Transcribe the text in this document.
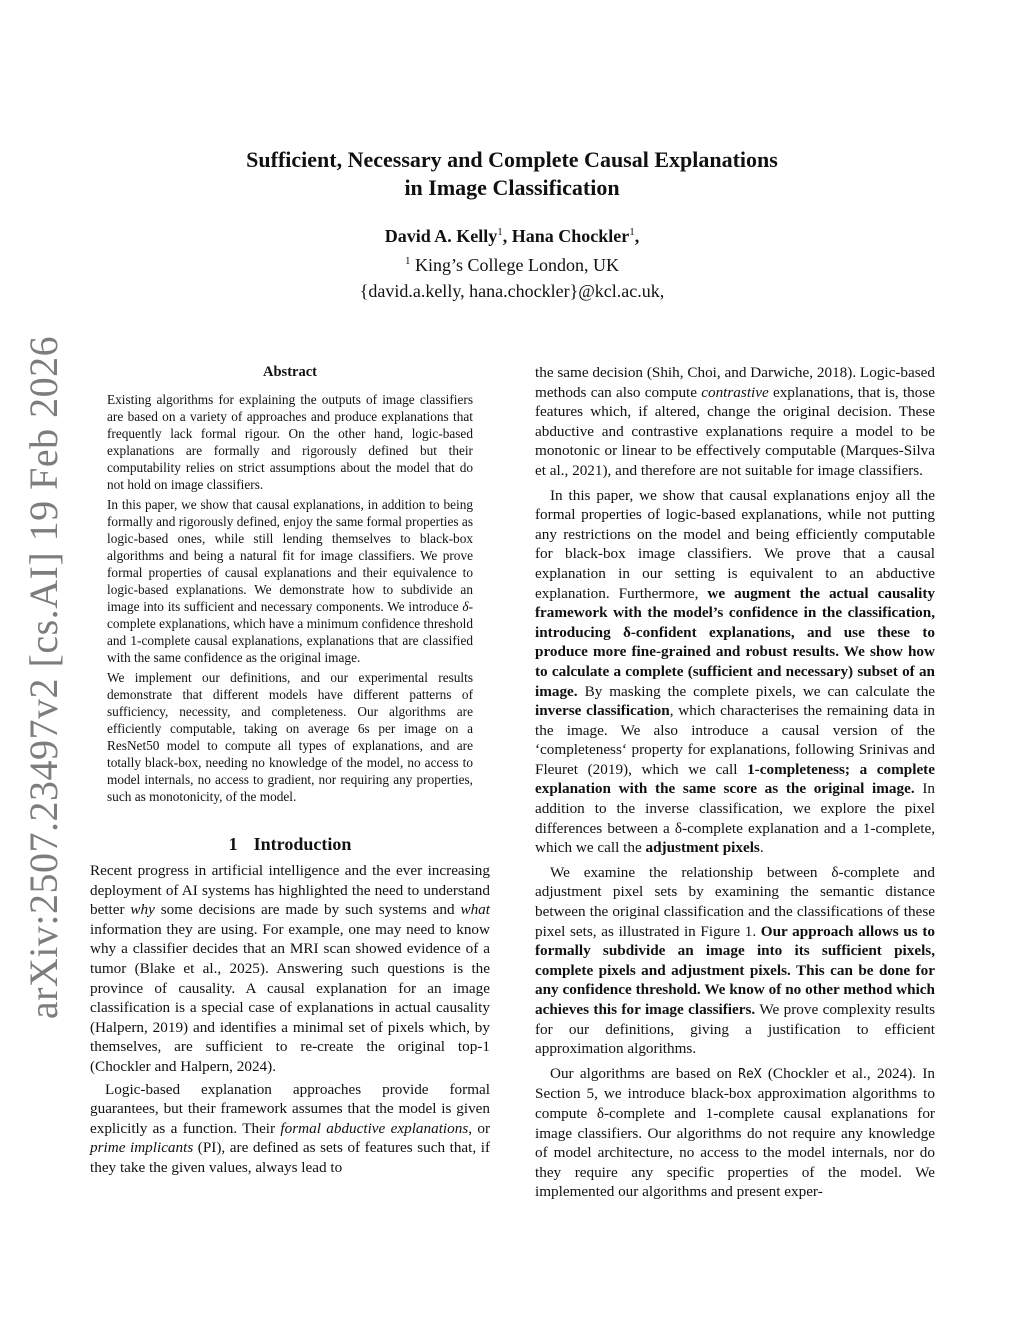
arXiv:2507.23497v2 [cs.AI] 19 Feb 2026
Sufficient, Necessary and Complete Causal Explanations
in Image Classification
David A. Kelly$^1$, Hana Chockler$^1$,
$^1$ King’s College London, UK
{david.a.kelly, hana.chockler}@kcl.ac.uk,
Abstract

Existing algorithms for explaining the outputs of image classifiers are based on a variety of approaches and produce explanations that frequently lack formal rigour. On the other hand, logic-based explanations are formally and rigorously defined but their computability relies on strict assumptions about the model that do not hold on image classifiers.

In this paper, we show that causal explanations, in addition to being formally and rigorously defined, enjoy the same formal properties as logic-based ones, while still lending themselves to black-box algorithms and being a natural fit for image classifiers. We prove formal properties of causal explanations and their equivalence to logic-based explanations. We demonstrate how to subdivide an image into its sufficient and necessary components. We introduce δ-complete explanations, which have a minimum confidence threshold and 1-complete causal explanations, explanations that are classified with the same confidence as the original image.

We implement our definitions, and our experimental results demonstrate that different models have different patterns of sufficiency, necessity, and completeness. Our algorithms are efficiently computable, taking on average 6s per image on a ResNet50 model to compute all types of explanations, and are totally black-box, needing no knowledge of the model, no access to model internals, no access to gradient, nor requiring any properties, such as monotonicity, of the model.

1 Introduction

Recent progress in artificial intelligence and the ever increasing deployment of AI systems has highlighted the need to understand better why some decisions are made by such systems and what information they are using. For example, one may need to know why a classifier decides that an MRI scan showed evidence of a tumor (Blake et al., 2025). Answering such questions is the province of causality. A causal explanation for an image classification is a special case of explanations in actual causality (Halpern, 2019) and identifies a minimal set of pixels which, by themselves, are sufficient to re-create the original top-1 (Chockler and Halpern, 2024).

Logic-based explanation approaches provide formal guarantees, but their framework assumes that the model is given explicitly as a function. Their formal abductive explanations, or prime implicants (PI), are defined as sets of features such that, if they take the given values, always lead to

the same decision (Shih, Choi, and Darwiche, 2018). Logic-based methods can also compute contrastive explanations, that is, those features which, if altered, change the original decision. These abductive and contrastive explanations require a model to be monotonic or linear to be effectively computable (Marques-Silva et al., 2021), and therefore are not suitable for image classifiers.

In this paper, we show that causal explanations enjoy all the formal properties of logic-based explanations, while not putting any restrictions on the model and being efficiently computable for black-box image classifiers. We prove that a causal explanation in our setting is equivalent to an abductive explanation. Furthermore, we augment the actual causality framework with the model’s confidence in the classification, introducing δ-confident explanations, and use these to produce more fine-grained and robust results. We show how to calculate a complete (sufficient and necessary) subset of an image. By masking the complete pixels, we can calculate the inverse classification, which characterises the remaining data in the image. We also introduce a causal version of the ‘completeness‘ property for explanations, following Srinivas and Fleuret (2019), which we call 1-completeness; a complete explanation with the same score as the original image. In addition to the inverse classification, we explore the pixel differences between a δ-complete explanation and a 1-complete, which we call the adjustment pixels.

We examine the relationship between δ-complete and adjustment pixel sets by examining the semantic distance between the original classification and the classifications of these pixel sets, as illustrated in Figure 1. Our approach allows us to formally subdivide an image into its sufficient pixels, complete pixels and adjustment pixels. This can be done for any confidence threshold. We know of no other method which achieves this for image classifiers. We prove complexity results for our definitions, giving a justification to efficient approximation algorithms.

Our algorithms are based on ReX (Chockler et al., 2024). In Section 5, we introduce black-box approximation algorithms to compute δ-complete and 1-complete causal explanations for image classifiers. Our algorithms do not require any knowledge of model architecture, no access to the model internals, nor do they require any specific properties of the model. We implemented our algorithms and present exper-
